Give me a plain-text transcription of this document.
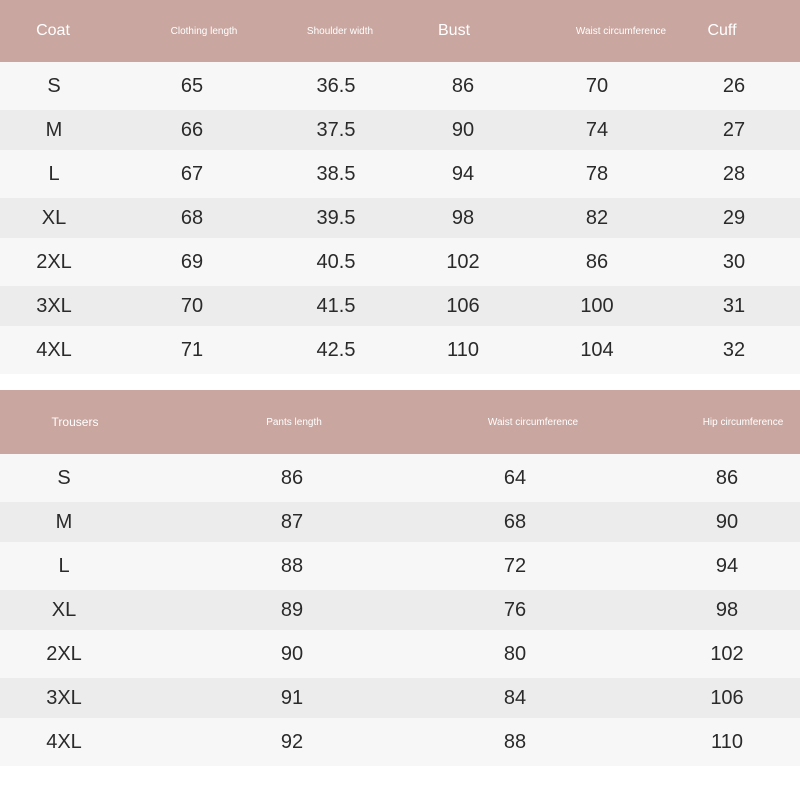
Coat	Clothing length	Shoulder width	Bust	Waist circumference	Cuff
S	65	36.5	86	70	26
M	66	37.5	90	74	27
L	67	38.5	94	78	28
XL	68	39.5	98	82	29
2XL	69	40.5	102	86	30
3XL	70	41.5	106	100	31
4XL	71	42.5	110	104	32
Trousers	Pants length	Waist circumference	Hip circumference
S	86	64	86
M	87	68	90
L	88	72	94
XL	89	76	98
2XL	90	80	102
3XL	91	84	106
4XL	92	88	110
